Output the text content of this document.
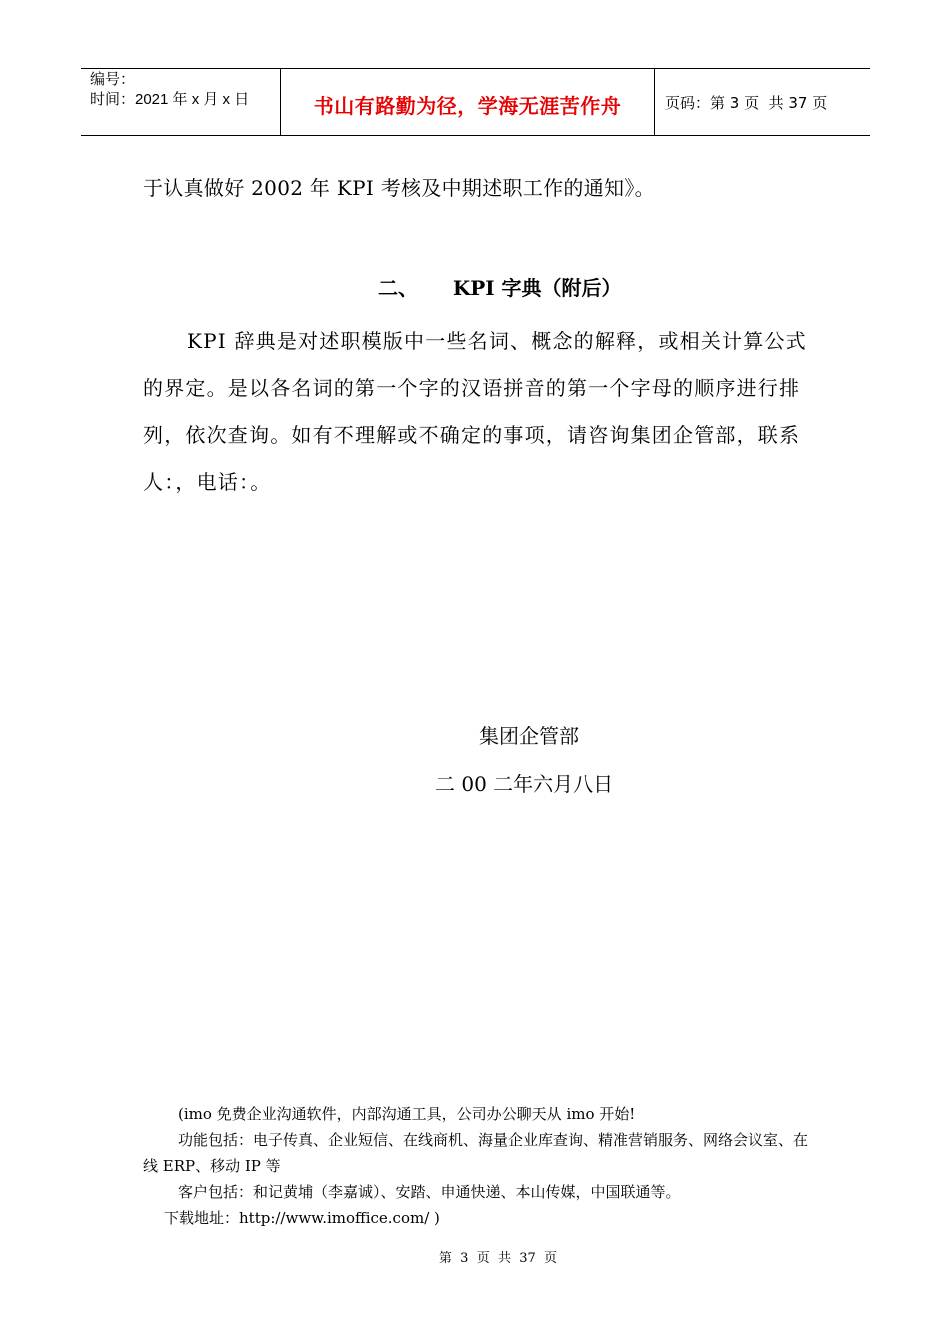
编号：
时间：2021 年 x 月 x 日	书山有路勤为径，学海无涯苦作舟	页码：第 3 页  共 37 页
于认真做好 2002 年 KPI 考核及中期述职工作的通知》。
二、     KPI 字典（附后）

KPI 辞典是对述职模版中一些名词、概念的解释，或相关计算公式的界定。是以各名词的第一个字的汉语拼音的第一个字母的顺序进行排列，依次查询。如有不理解或不确定的事项，请咨询集团企管部，联系人：，电话：。

集团企管部
二 00 二年六月八日

(imo 免费企业沟通软件，内部沟通工具，公司办公聊天从 imo 开始!

功能包括：电子传真、企业短信、在线商机、海量企业库查询、精准营销服务、网络会议室、在线 ERP、移动 IP 等

客户包括：和记黄埔（李嘉诚）、安踏、申通快递、本山传媒，中国联通等。

下载地址：http://www.imoffice.com/ )

第  3  页  共  37  页
